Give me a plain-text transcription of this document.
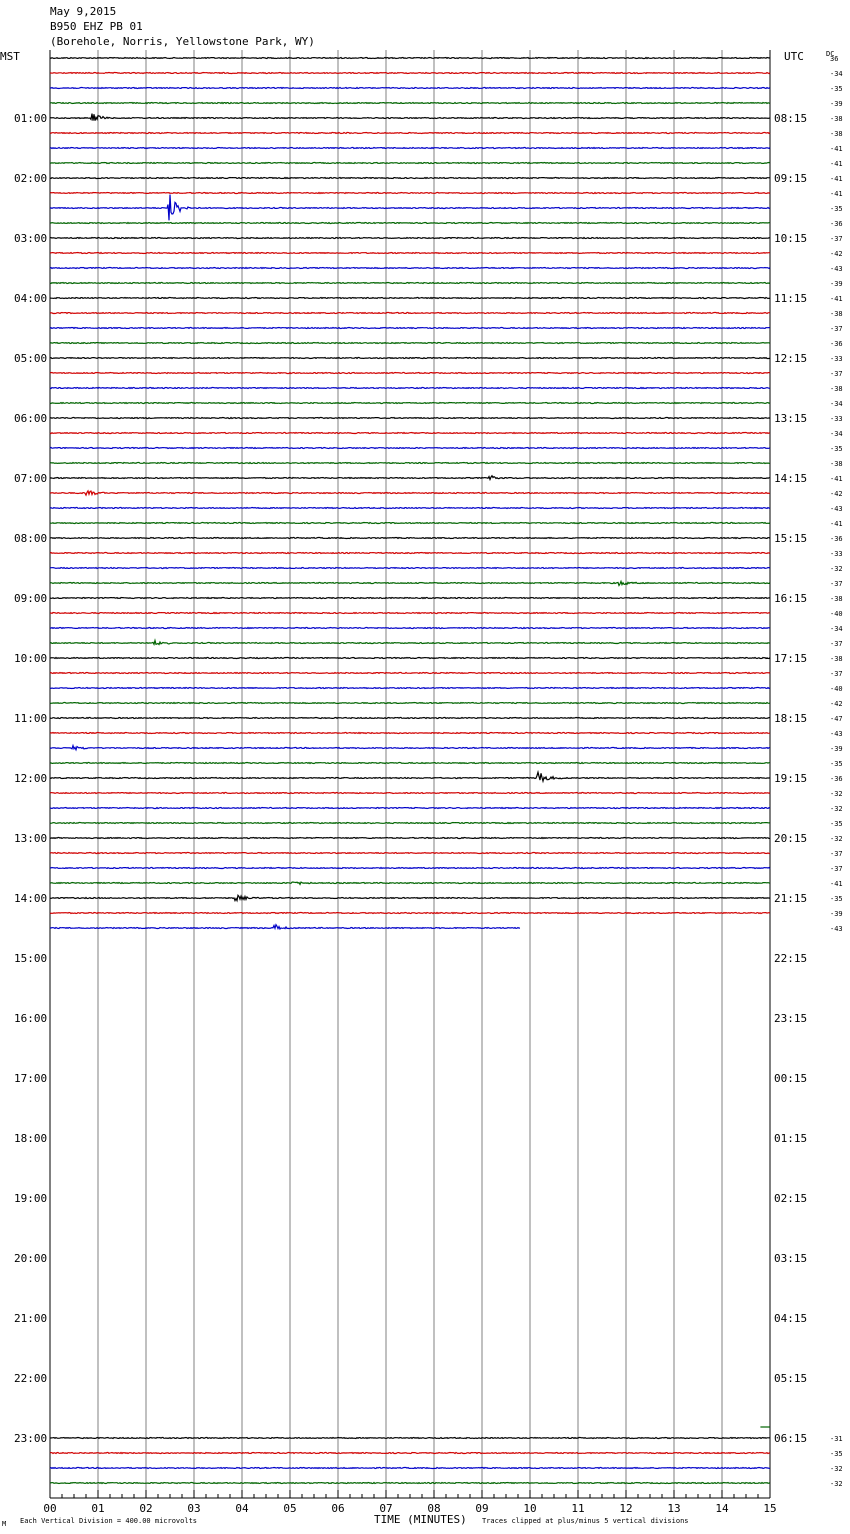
May 9,2015
B950 EHZ PB 01
(Borehole, Norris, Yellowstone Park, WY)
MST	UTC	DC
36
-34
-35
-39
-38
-38
-41
-41
-41
-41
-35
-36
-37
-42
-43
-39
-41
-38
-37
-36
-33
-37
-38
-34
-33
-34
-35
-38
-41
-42
-43
-41
-36
-33
-32
-37
-38
-40
-34
-37
-38
-37
-40
-42
-47
-43
-39
-35
-36
-32
-32
-35
-32
-37
-37
-41
-35
-39
-43
-31
-35
-32
-32
01:00	08:15
02:00	09:15
03:00	10:15
04:00	11:15
05:00	12:15
06:00	13:15
07:00	14:15
08:00	15:15
09:00	16:15
10:00	17:15
11:00	18:15
12:00	19:15
13:00	20:15
14:00	21:15
15:00	22:15
16:00	23:15
17:00	00:15
18:00	01:15
19:00	02:15
20:00	03:15
21:00	04:15
22:00	05:15
23:00	06:15
00	01	02	03	04	05	06	07	08	09	10	11	12	13	14	15
M Each Vertical Division = 400.00 microvolts	TIME (MINUTES) Traces clipped at plus/minus 5 vertical divisions
